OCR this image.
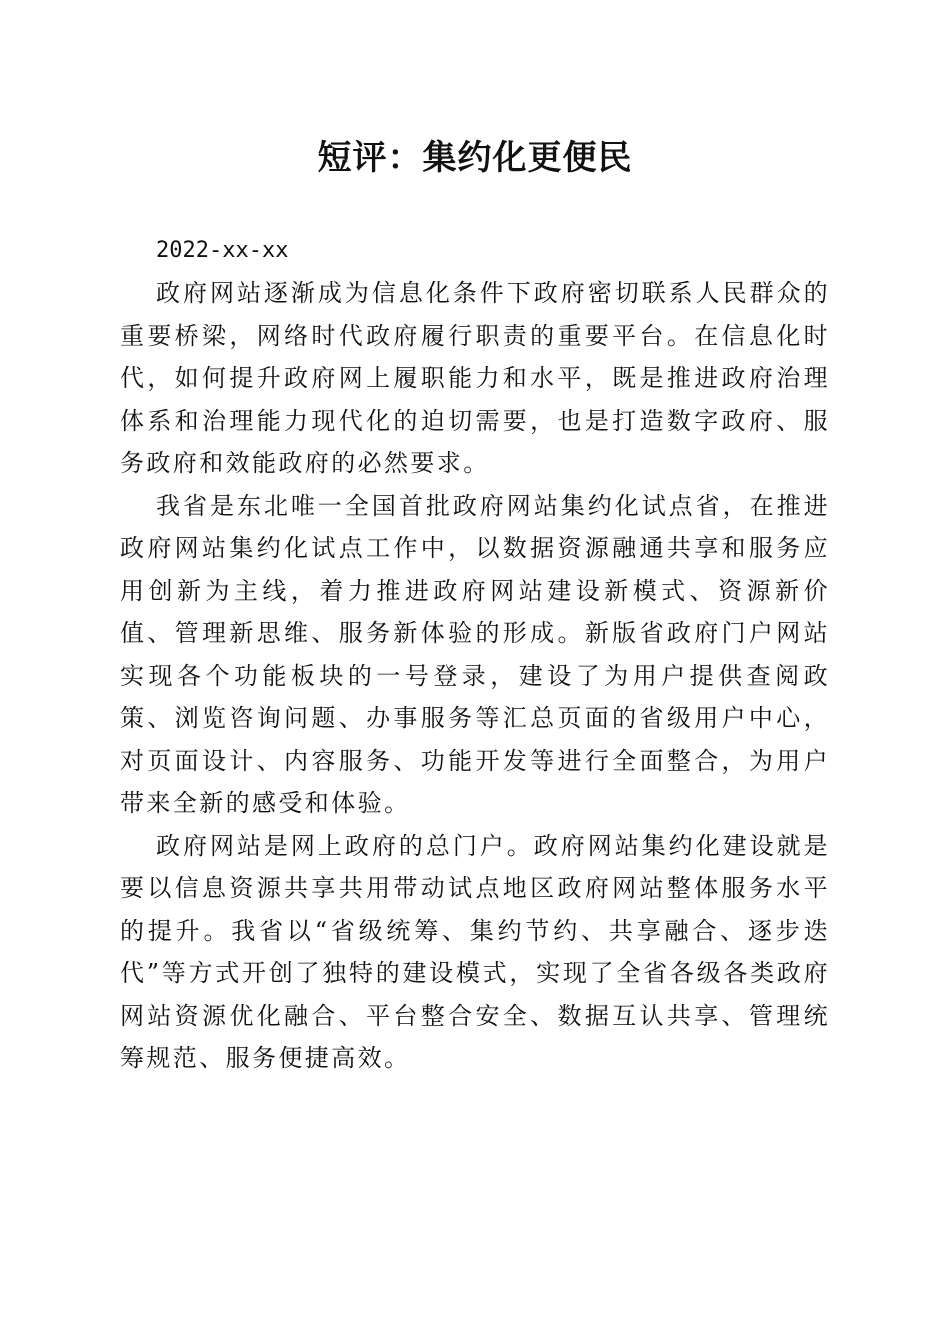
短评：集约化更便民

2022-xx-xx

政府网站逐渐成为信息化条件下政府密切联系人民群众的重要桥梁，网络时代政府履行职责的重要平台。在信息化时代，如何提升政府网上履职能力和水平，既是推进政府治理体系和治理能力现代化的迫切需要，也是打造数字政府、服务政府和效能政府的必然要求。

我省是东北唯一全国首批政府网站集约化试点省，在推进政府网站集约化试点工作中，以数据资源融通共享和服务应用创新为主线，着力推进政府网站建设新模式、资源新价值、管理新思维、服务新体验的形成。新版省政府门户网站实现各个功能板块的一号登录，建设了为用户提供查阅政策、浏览咨询问题、办事服务等汇总页面的省级用户中心，对页面设计、内容服务、功能开发等进行全面整合，为用户带来全新的感受和体验。

政府网站是网上政府的总门户。政府网站集约化建设就是要以信息资源共享共用带动试点地区政府网站整体服务水平的提升。我省以“省级统筹、集约节约、共享融合、逐步迭代”等方式开创了独特的建设模式，实现了全省各级各类政府网站资源优化融合、平台整合安全、数据互认共享、管理统筹规范、服务便捷高效。
